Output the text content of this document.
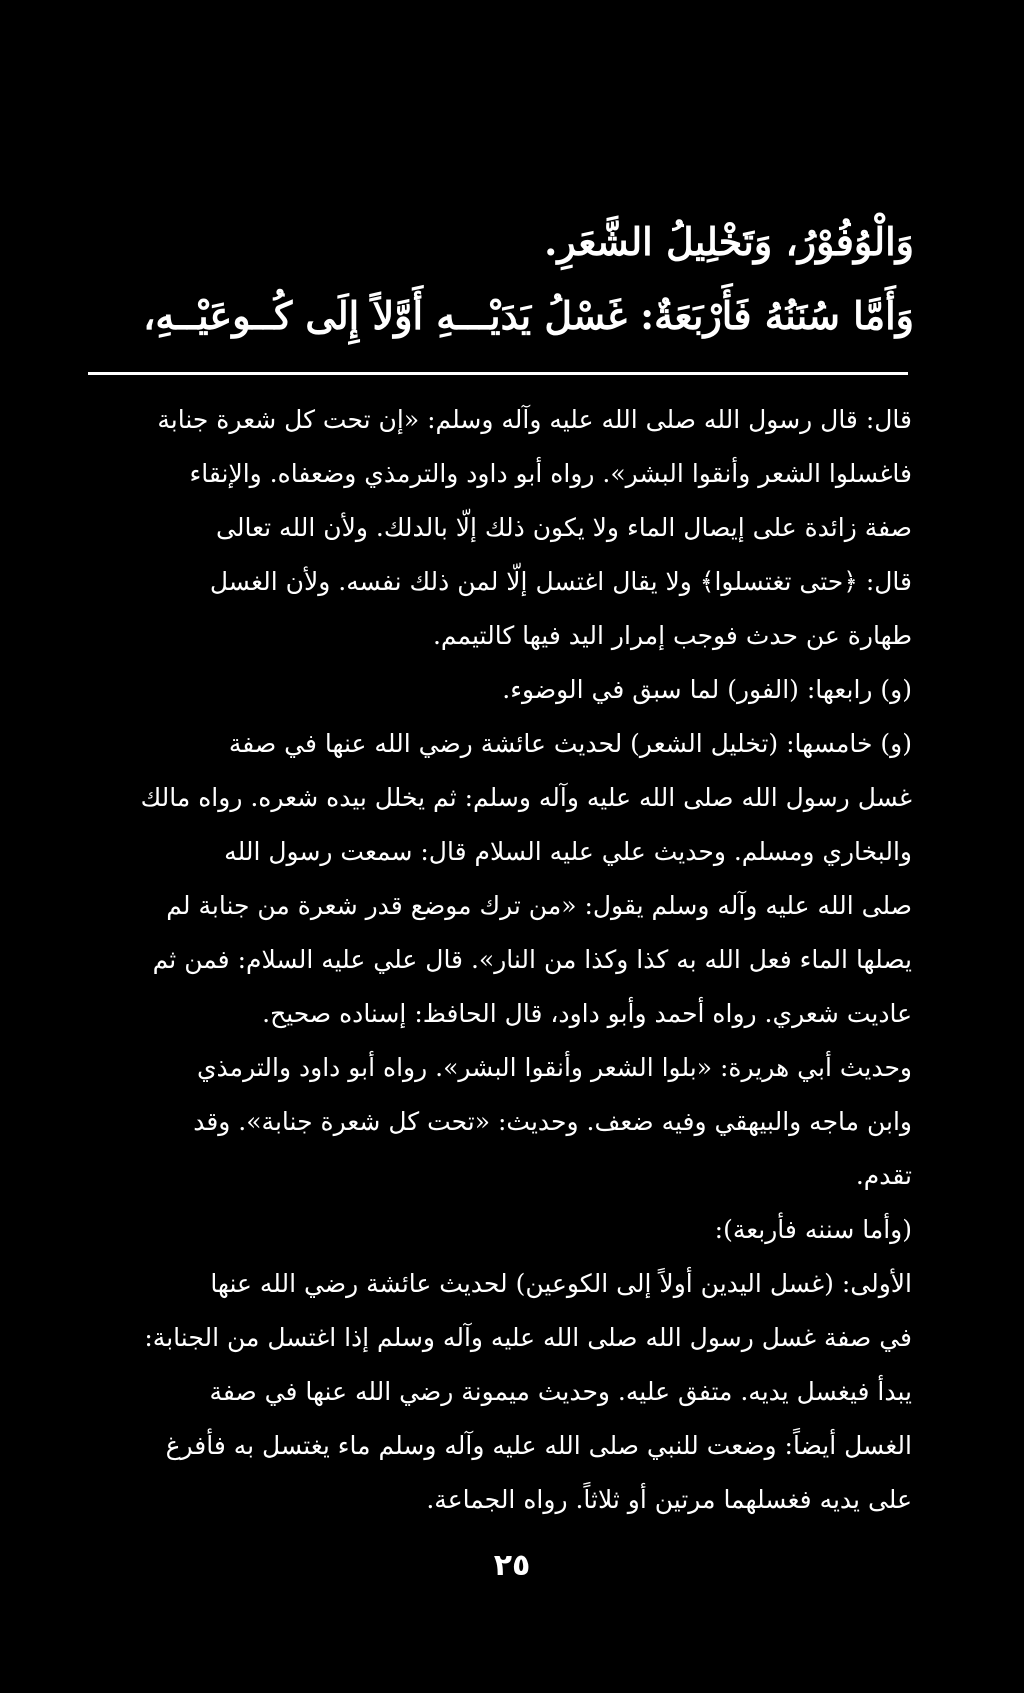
وَالْوُفُوْرُ، وَتَخْلِيلُ الشَّعَرِ.
وَأَمَّا سُنَنُهُ فَأَرْبَعَةٌ: غَسْلُ يَدَيْـــهِ أَوَّلاً إِلَى كُــوعَيْــهِ،
قال: قال رسول الله صلى الله عليه وآله وسلم: «إن تحت كل شعرة جنابة
فاغسلوا الشعر وأنقوا البشر». رواه أبو داود والترمذي وضعفاه. والإنقاء
صفة زائدة على إيصال الماء ولا يكون ذلك إلّا بالدلك. ولأن الله تعالى
قال: ﴿حتى تغتسلوا﴾ ولا يقال اغتسل إلّا لمن ذلك نفسه. ولأن الغسل
طهارة عن حدث فوجب إمرار اليد فيها كالتيمم.
(و) رابعها: (الفور) لما سبق في الوضوء.
(و) خامسها: (تخليل الشعر) لحديث عائشة رضي الله عنها في صفة
غسل رسول الله صلى الله عليه وآله وسلم: ثم يخلل بيده شعره. رواه مالك
والبخاري ومسلم. وحديث علي عليه السلام قال: سمعت رسول الله
صلى الله عليه وآله وسلم يقول: «من ترك موضع قدر شعرة من جنابة لم
يصلها الماء فعل الله به كذا وكذا من النار». قال علي عليه السلام: فمن ثم
عاديت شعري. رواه أحمد وأبو داود، قال الحافظ: إسناده صحيح.
وحديث أبي هريرة: «بلوا الشعر وأنقوا البشر». رواه أبو داود والترمذي
وابن ماجه والبيهقي وفيه ضعف. وحديث: «تحت كل شعرة جنابة». وقد
تقدم.
(وأما سننه فأربعة):
الأولى: (غسل اليدين أولاً إلى الكوعين) لحديث عائشة رضي الله عنها
في صفة غسل رسول الله صلى الله عليه وآله وسلم إذا اغتسل من الجنابة:
يبدأ فيغسل يديه. متفق عليه. وحديث ميمونة رضي الله عنها في صفة
الغسل أيضاً: وضعت للنبي صلى الله عليه وآله وسلم ماء يغتسل به فأفرغ
على يديه فغسلهما مرتين أو ثلاثاً. رواه الجماعة.
٢٥
